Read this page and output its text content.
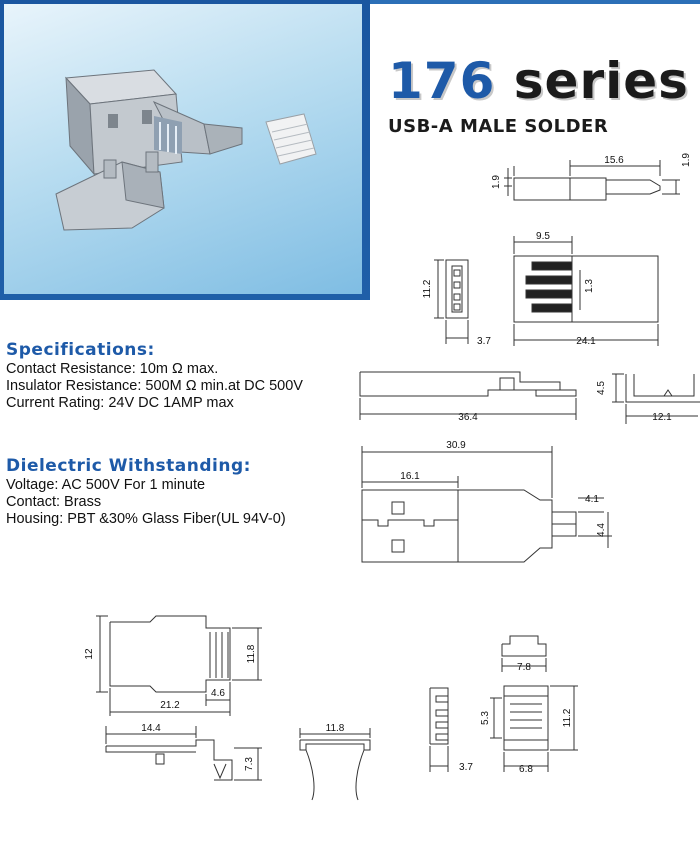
176 series
USB-A MALE SOLDER
Specifications:
Contact Resistance: 10m Ω max.
Insulator Resistance: 500M Ω min.at DC 500V
Current Rating: 24V DC 1AMP max
Dielectric Withstanding:
Voltage: AC 500V For 1 minute
Contact: Brass
Housing: PBT &30% Glass Fiber(UL 94V-0)
1.9
15.6	1.9
9.5
11.2	1.3
3.7	24.1
4.5
36.4	12.1
30.9
16.1
4.1
4.4
12	11.8
4.6
21.2
14.4
7.3
11.8
7.8
5.3	11.2
3.7	6.8
